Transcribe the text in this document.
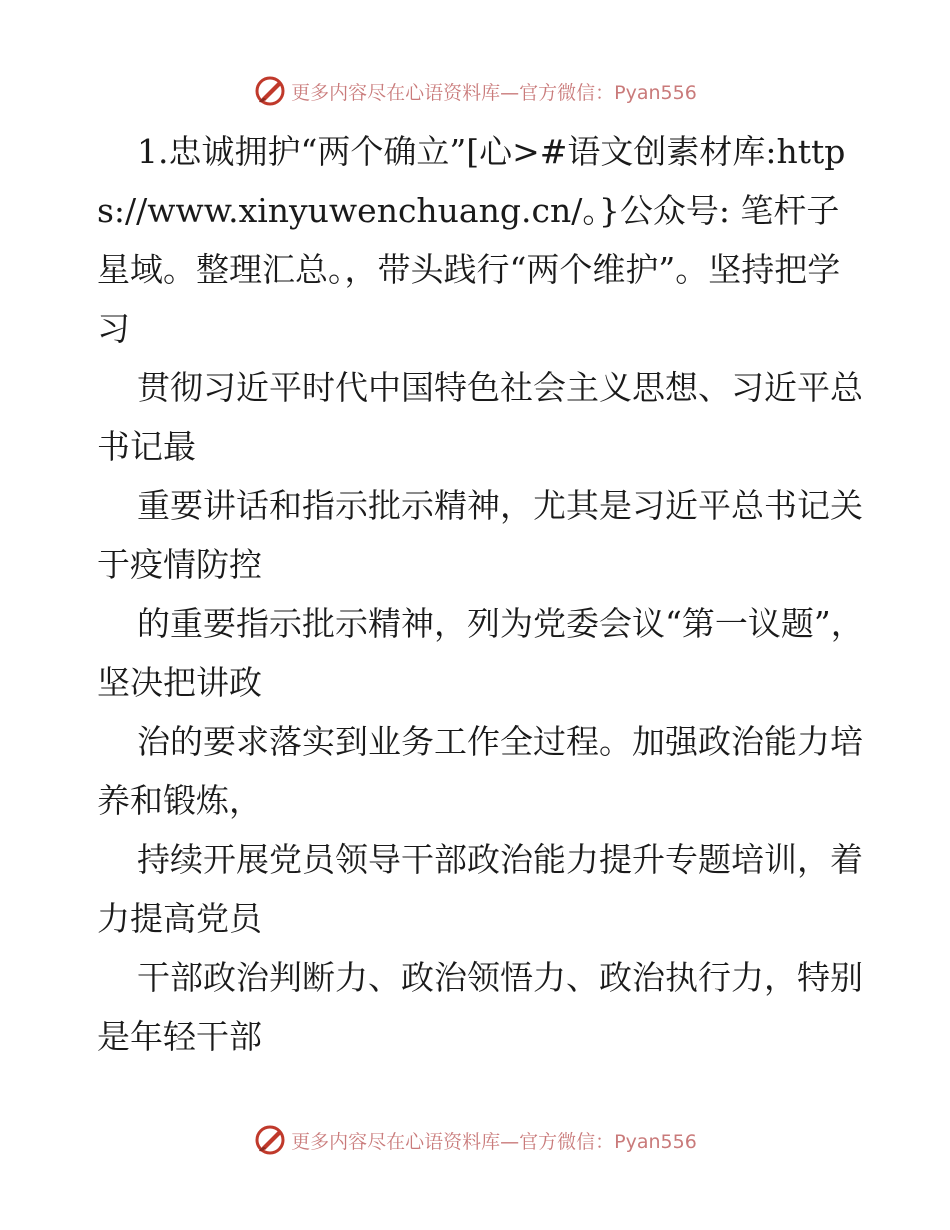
更多内容尽在心语资料库—官方微信：Pyan556

1.忠诚拥护“两个确立”[心>#语文创素材库:https://www.xinyuwenchuang.cn/。}公众号: 笔杆子星域。整理汇总。，带头践行“两个维护”。坚持把学习

贯彻习近平时代中国特色社会主义思想、习近平总书记最

重要讲话和指示批示精神，尤其是习近平总书记关于疫情防控

的重要指示批示精神，列为党委会议“第一议题”，坚决把讲政

治的要求落实到业务工作全过程。加强政治能力培养和锻炼，

持续开展党员领导干部政治能力提升专题培训，着力提高党员

干部政治判断力、政治领悟力、政治执行力，特别是年轻干部

更多内容尽在心语资料库—官方微信：Pyan556
